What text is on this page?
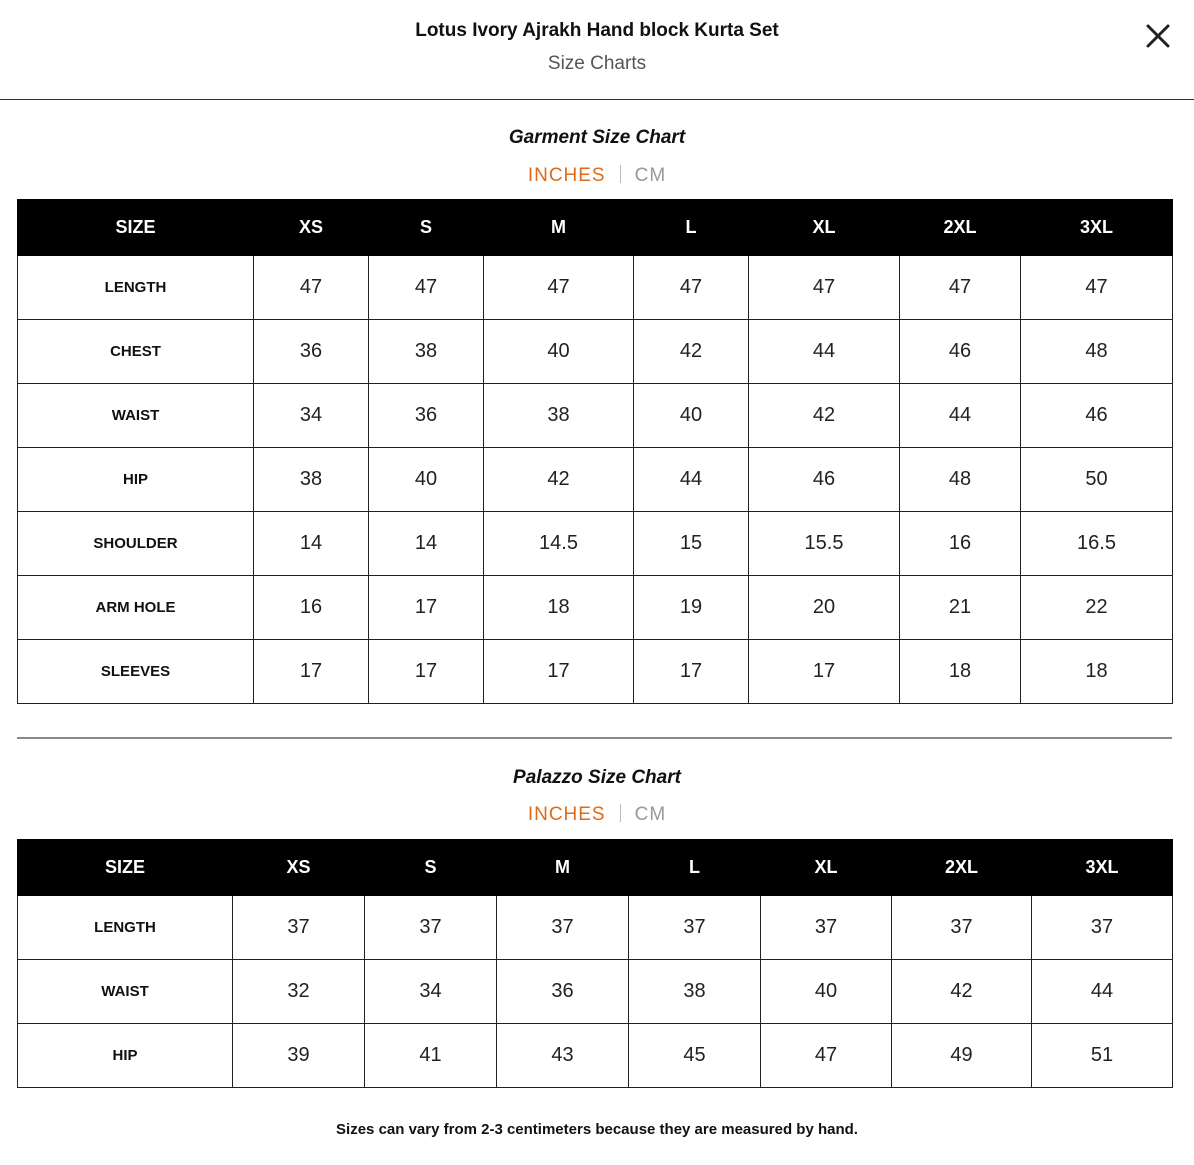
Lotus Ivory Ajrakh Hand block Kurta Set
Size Charts
Garment Size Chart
INCHES CM
SIZE	XS	S	M	L	XL	2XL	3XL
LENGTH	47	47	47	47	47	47	47
CHEST	36	38	40	42	44	46	48
WAIST	34	36	38	40	42	44	46
HIP	38	40	42	44	46	48	50
SHOULDER	14	14	14.5	15	15.5	16	16.5
ARM HOLE	16	17	18	19	20	21	22
SLEEVES	17	17	17	17	17	18	18
Palazzo Size Chart
INCHES CM
SIZE	XS	S	M	L	XL	2XL	3XL
LENGTH	37	37	37	37	37	37	37
WAIST	32	34	36	38	40	42	44
HIP	39	41	43	45	47	49	51
Sizes can vary from 2-3 centimeters because they are measured by hand.
